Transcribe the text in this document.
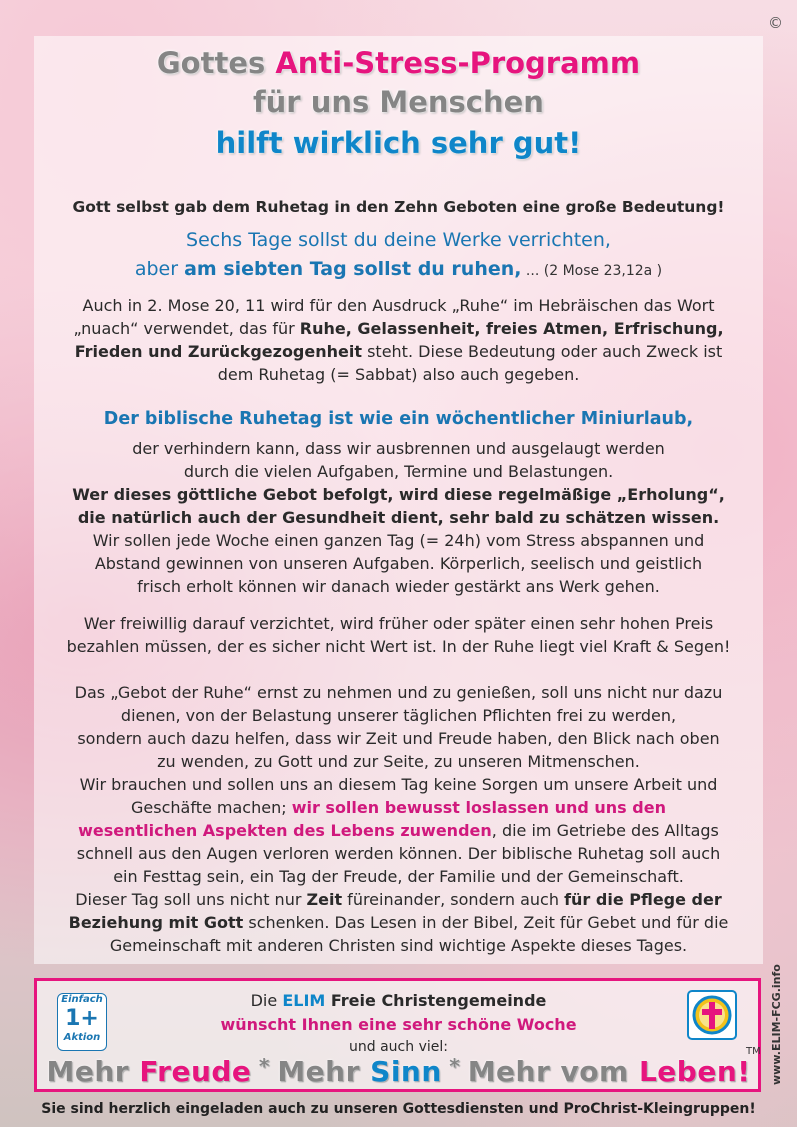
©
Gottes Anti-Stress-Programm
für uns Menschen
hilft wirklich sehr gut!
Gott selbst gab dem Ruhetag in den Zehn Geboten eine große Bedeutung!
Sechs Tage sollst du deine Werke verrichten,
aber am siebten Tag sollst du ruhen, ... (2 Mose 23,12a )
Auch in 2. Mose 20, 11 wird für den Ausdruck „Ruhe“ im Hebräischen das Wort
„nuach“ verwendet, das für Ruhe, Gelassenheit, freies Atmen, Erfrischung,
Frieden und Zurückgezogenheit steht. Diese Bedeutung oder auch Zweck ist
dem Ruhetag (= Sabbat) also auch gegeben.
Der biblische Ruhetag ist wie ein wöchentlicher Miniurlaub,
der verhindern kann, dass wir ausbrennen und ausgelaugt werden
durch die vielen Aufgaben, Termine und Belastungen.
Wer dieses göttliche Gebot befolgt, wird diese regelmäßige „Erholung“,
die natürlich auch der Gesundheit dient, sehr bald zu schätzen wissen.
Wir sollen jede Woche einen ganzen Tag (= 24h) vom Stress abspannen und
Abstand gewinnen von unseren Aufgaben. Körperlich, seelisch und geistlich
frisch erholt können wir danach wieder gestärkt ans Werk gehen.
Wer freiwillig darauf verzichtet, wird früher oder später einen sehr hohen Preis
bezahlen müssen, der es sicher nicht Wert ist. In der Ruhe liegt viel Kraft & Segen!
Das „Gebot der Ruhe“ ernst zu nehmen und zu genießen, soll uns nicht nur dazu
dienen, von der Belastung unserer täglichen Pflichten frei zu werden,
sondern auch dazu helfen, dass wir Zeit und Freude haben, den Blick nach oben
zu wenden, zu Gott und zur Seite, zu unseren Mitmenschen.
Wir brauchen und sollen uns an diesem Tag keine Sorgen um unsere Arbeit und
Geschäfte machen; wir sollen bewusst loslassen und uns den
wesentlichen Aspekten des Lebens zuwenden, die im Getriebe des Alltags
schnell aus den Augen verloren werden können. Der biblische Ruhetag soll auch
ein Festtag sein, ein Tag der Freude, der Familie und der Gemeinschaft.
Dieser Tag soll uns nicht nur Zeit füreinander, sondern auch für die Pflege der
Beziehung mit Gott schenken. Das Lesen in der Bibel, Zeit für Gebet und für die
Gemeinschaft mit anderen Christen sind wichtige Aspekte dieses Tages.
Einfach
1+
Aktion
Die ELIM Freie Christengemeinde
wünscht Ihnen eine sehr schöne Woche
und auch viel:	TM www.ELIM-FCG.info
Mehr Freude * Mehr Sinn * Mehr vom Leben!
Sie sind herzlich eingeladen auch zu unseren Gottesdiensten und ProChrist-Kleingruppen!
